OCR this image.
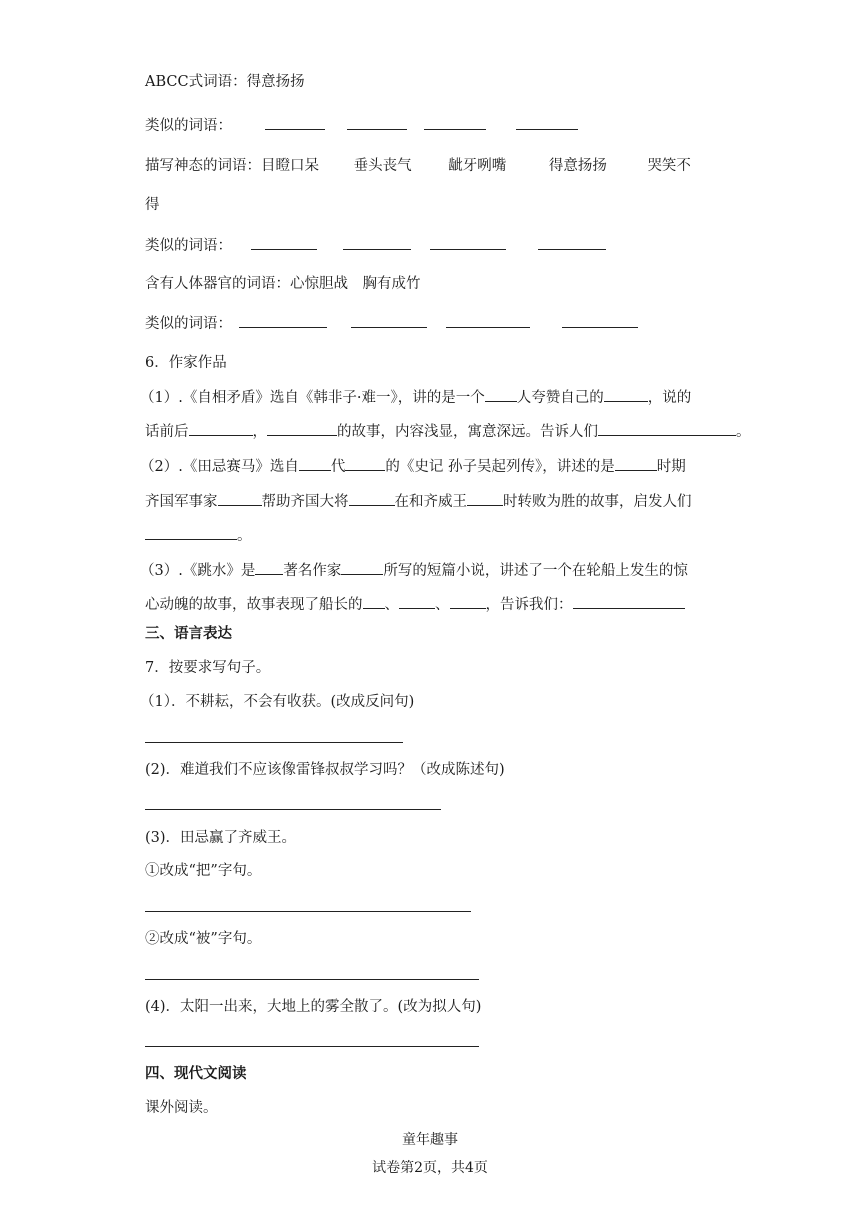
ABCC式词语：得意扬扬
类似的词语：
描写神态的词语：目瞪口呆 垂头丧气	龇牙咧嘴	得意扬扬	哭笑不
得
类似的词语：
含有人体器官的词语：心惊胆战　胸有成竹
类似的词语：
6．作家作品
（1）.《自相矛盾》选自《韩非子·难一》，讲的是一个 人夸赞自己的	，说的
话前后	，	的故事，内容浅显，寓意深远。告诉人们	。
（2）.《田忌赛马》选自 代	的《史记 孙子吴起列传》，讲述的是	时期
齐国军事家	帮助齐国大将	在和齐威王 时转败为胜的故事，启发人们
。
（3）.《跳水》是 著名作家	所写的短篇小说，讲述了一个在轮船上发生的惊
心动魄的故事，故事表现了船长的 、 、 ，告诉我们：
三、语言表达
7．按要求写句子。
（1）．不耕耘，不会有收获。(改成反问句)
(2)．难道我们不应该像雷锋叔叔学习吗？（改成陈述句)
(3)．田忌赢了齐威王。
①改成“把”字句。
②改成“被”字句。
(4)．太阳一出来，大地上的雾全散了。(改为拟人句)
四、现代文阅读
课外阅读。
童年趣事
试卷第2页，共4页
